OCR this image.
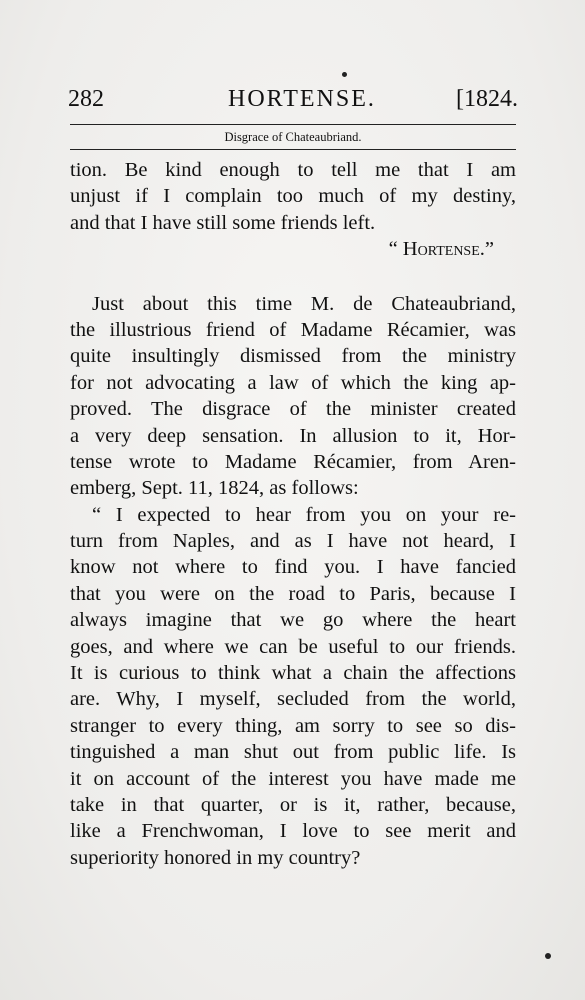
282	HORTENSE.	[1824.
Disgrace of Chateaubriand.
tion. Be kind enough to tell me that I am
unjust if I complain too much of my destiny,
and that I have still some friends left.
“ Hortense.”
Just about this time M. de Chateaubriand,
the illustrious friend of Madame Récamier, was
quite insultingly dismissed from the ministry
for not advocating a law of which the king ap-
proved. The disgrace of the minister created
a very deep sensation. In allusion to it, Hor-
tense wrote to Madame Récamier, from Aren-
emberg, Sept. 11, 1824, as follows:
“ I expected to hear from you on your re-
turn from Naples, and as I have not heard, I
know not where to find you. I have fancied
that you were on the road to Paris, because I
always imagine that we go where the heart
goes, and where we can be useful to our friends.
It is curious to think what a chain the affections
are. Why, I myself, secluded from the world,
stranger to every thing, am sorry to see so dis-
tinguished a man shut out from public life. Is
it on account of the interest you have made me
take in that quarter, or is it, rather, because,
like a Frenchwoman, I love to see merit and
superiority honored in my country?
